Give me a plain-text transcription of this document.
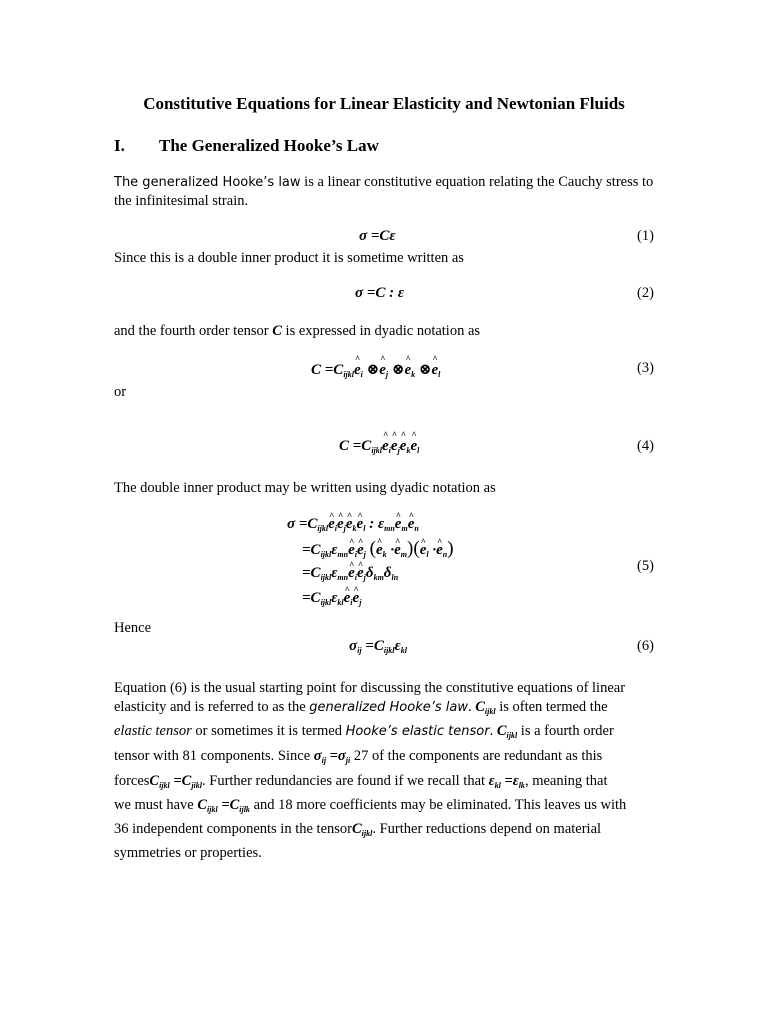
Constitutive Equations for Linear Elasticity and Newtonian Fluids
I. The Generalized Hooke’s Law
The generalized Hooke’s law is a linear constitutive equation relating the Cauchy stress to the infinitesimal strain.
σ =Cε	(1)
Since this is a double inner product it is sometime written as
σ =C : ε	(2)
and the fourth order tensor C is expressed in dyadic notation as
$C =C_{ijkl}\^{}$ $e_i$ ⊗^ $e_j$ ⊗^ $e_k$ ⊗^ $e_l$	(3)
or
$C =C_{ijkl}\^{}$ $e_i\^{}$ $e_j\^{}$ $e_k\^{}$ $e_l$	(4)
The double inner product may be written using dyadic notation as

$\sigma =C_{ijkl}\^{}$ $e_i\^{}$ $e_j\^{}$ $e_k\^{}$ $e_l$ : $\varepsilon_{mn}\^{}$ $e_m\^{}$ $e_n$

$=C_{ijkl}\varepsilon_{mn}\^{}$ $e_i\^{}$ $e_j$ (^ $e_k$ ·^ $e_m)(\^{}$ $e_l$ ·^ $e_n$)

$=C_{ijkl}\varepsilon_{mn}\^{}$ $e_i\^{}$ $e_j\delta_{km}\delta_{ln}$

$=C_{ijkl}\varepsilon_{kl}\^{}$ $e_i\^{}$ $e_j$

(5)
Hence
$\sigma_{ij} =C_{ijkl}\varepsilon_{kl}$	(6)
Equation (6) is the usual starting point for discussing the constitutive equations of linear
elasticity and is referred to as the generalized Hooke’s law. $C_{ijkl}$ is often termed the
elastic tensor or sometimes it is termed Hooke’s elastic tensor. $C_{ijkl}$ is a fourth order
tensor with 81 components. Since $\sigma_{ij} =\sigma_{ji}$ 27 of the components are redundant as this
forcesC$_{ijkl}$ $=C_{jikl}$. Further redundancies are found if we recall that $\varepsilon_{kl} =\varepsilon_{lk}$, meaning that
we must have $C_{ijkl} =C_{ijlk}$ and 18 more coefficients may be eliminated. This leaves us with
36 independent components in the tensorC$_{ijkl}$. Further reductions depend on material
symmetries or properties.
